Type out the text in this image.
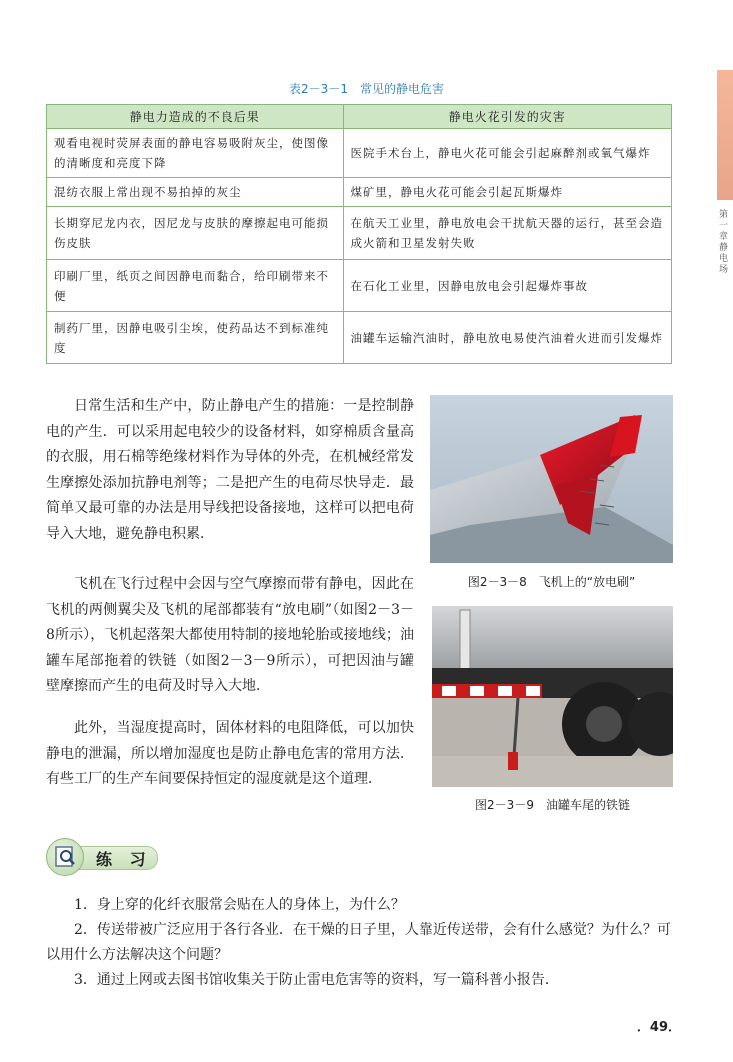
第一章 静电场
表2－3－1　常见的静电危害
静电力造成的不良后果	静电火花引发的灾害
观看电视时荧屏表面的静电容易吸附灰尘，使图像的清晰度和亮度下降	医院手术台上，静电火花可能会引起麻醉剂或氧气爆炸
混纺衣服上常出现不易拍掉的灰尘	煤矿里，静电火花可能会引起瓦斯爆炸
长期穿尼龙内衣，因尼龙与皮肤的摩擦起电可能损伤皮肤	在航天工业里，静电放电会干扰航天器的运行，甚至会造成火箭和卫星发射失败
印刷厂里，纸页之间因静电而黏合，给印刷带来不便	在石化工业里，因静电放电会引起爆炸事故
制药厂里，因静电吸引尘埃，使药品达不到标准纯度	油罐车运输汽油时，静电放电易使汽油着火进而引发爆炸

日常生活和生产中，防止静电产生的措施：一是控制静电的产生．可以采用起电较少的设备材料，如穿棉质含量高的衣服，用石棉等绝缘材料作为导体的外壳，在机械经常发生摩擦处添加抗静电剂等；二是把产生的电荷尽快导走．最简单又最可靠的办法是用导线把设备接地，这样可以把电荷导入大地，避免静电积累．

飞机在飞行过程中会因与空气摩擦而带有静电，因此在飞机的两侧翼尖及飞机的尾部都装有“放电刷”（如图2－3－8所示），飞机起落架大都使用特制的接地轮胎或接地线；油罐车尾部拖着的铁链（如图2－3－9所示），可把因油与罐壁摩擦而产生的电荷及时导入大地．

此外，当湿度提高时，固体材料的电阻降低，可以加快静电的泄漏，所以增加湿度也是防止静电危害的常用方法．有些工厂的生产车间要保持恒定的湿度就是这个道理．

图2－3－8　飞机上的“放电刷”
图2－3－9　油罐车尾的铁链
练 习

1．身上穿的化纤衣服常会贴在人的身体上，为什么？

2．传送带被广泛应用于各行各业．在干燥的日子里，人靠近传送带，会有什么感觉？为什么？可以用什么方法解决这个问题？

3．通过上网或去图书馆收集关于防止雷电危害等的资料，写一篇科普小报告．

．49．
